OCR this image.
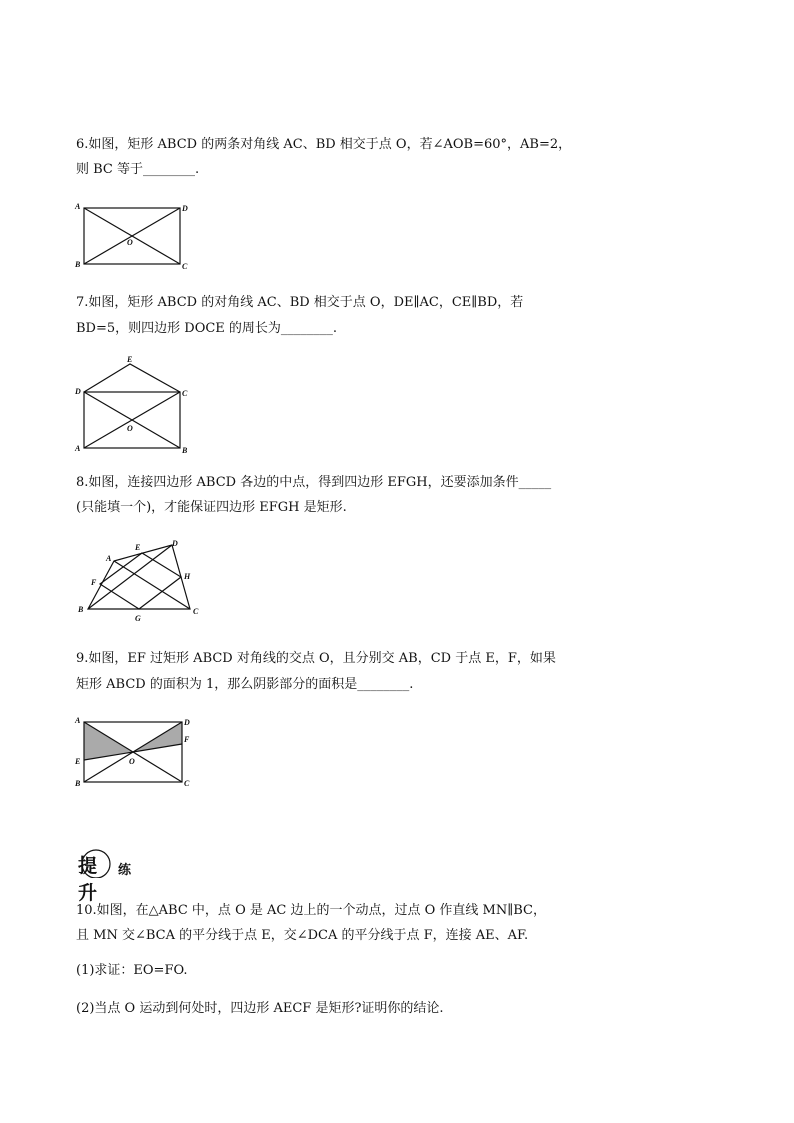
6.如图，矩形 ABCD 的两条对角线 AC、BD 相交于点 O，若∠AOB=60°，AB=2，
则 BC 等于________.
A	D
B	C
O
7.如图，矩形 ABCD 的对角线 AC、BD 相交于点 O，DE∥AC，CE∥BD，若
BD=5，则四边形 DOCE 的周长为________.
E
D	C
A	B
O
8.如图，连接四边形 ABCD 各边的中点，得到四边形 EFGH，还要添加条件_____
(只能填一个)，才能保证四边形 EFGH 是矩形.
A
E	D
F
H
B
G
C
9.如图，EF 过矩形 ABCD 对角线的交点 O，且分别交 AB，CD 于点 E，F，如果
矩形 ABCD 的面积为 1，那么阴影部分的面积是________.
A	D
F
E	O
B	C
提升
练
10.如图，在△ABC 中，点 O 是 AC 边上的一个动点，过点 O 作直线 MN∥BC，
且 MN 交∠BCA 的平分线于点 E，交∠DCA 的平分线于点 F，连接 AE、AF.
(1)求证：EO=FO.
(2)当点 O 运动到何处时，四边形 AECF 是矩形?证明你的结论.
